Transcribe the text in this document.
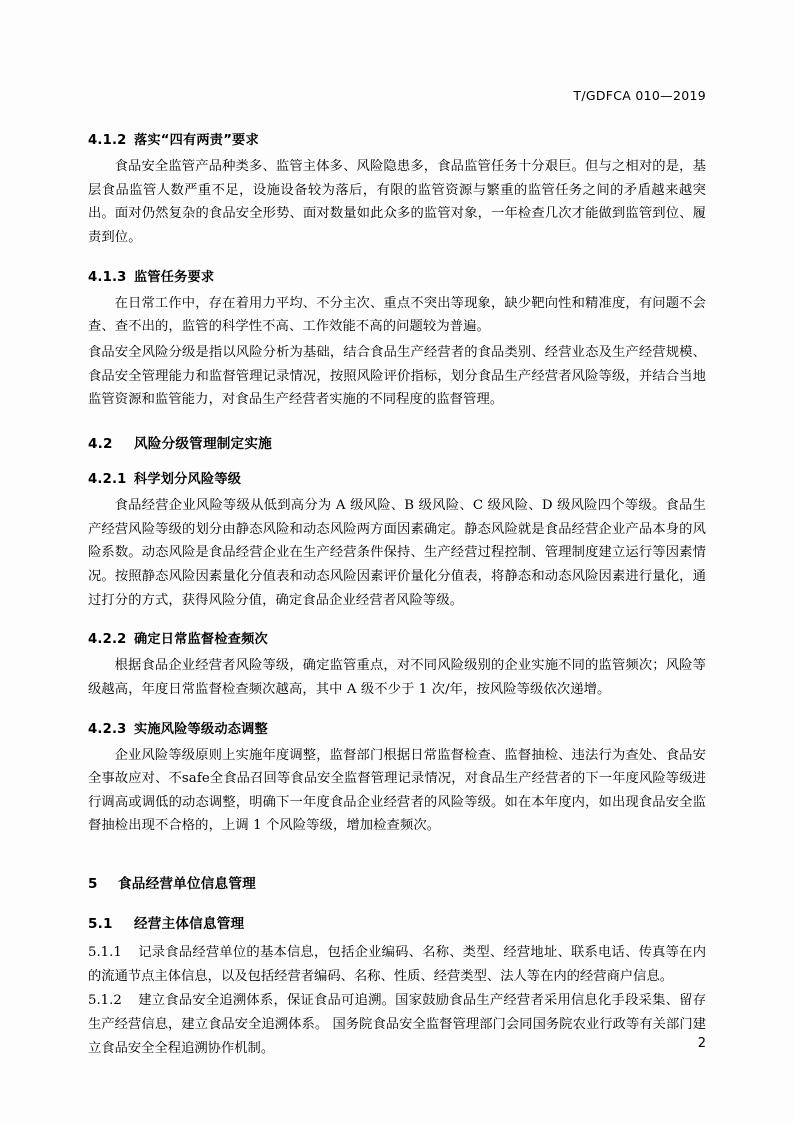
T/GDFCA 010—2019
4.1.2 落实“四有两责”要求

食品安全监管产品种类多、监管主体多、风险隐患多，食品监管任务十分艰巨。但与之相对的是，基层食品监管人数严重不足，设施设备较为落后，有限的监管资源与繁重的监管任务之间的矛盾越来越突出。面对仍然复杂的食品安全形势、面对数量如此众多的监管对象，一年检查几次才能做到监管到位、履责到位。

4.1.3 监管任务要求

在日常工作中，存在着用力平均、不分主次、重点不突出等现象，缺少靶向性和精准度，有问题不会查、查不出的，监管的科学性不高、工作效能不高的问题较为普遍。

食品安全风险分级是指以风险分析为基础，结合食品生产经营者的食品类别、经营业态及生产经营规模、食品安全管理能力和监督管理记录情况，按照风险评价指标，划分食品生产经营者风险等级，并结合当地监管资源和监管能力，对食品生产经营者实施的不同程度的监督管理。

4.2 风险分级管理制定实施
4.2.1 科学划分风险等级

食品经营企业风险等级从低到高分为 A 级风险、B 级风险、C 级风险、D 级风险四个等级。食品生产经营风险等级的划分由静态风险和动态风险两方面因素确定。静态风险就是食品经营企业产品本身的风险系数。动态风险是食品经营企业在生产经营条件保持、生产经营过程控制、管理制度建立运行等因素情况。按照静态风险因素量化分值表和动态风险因素评价量化分值表，将静态和动态风险因素进行量化，通过打分的方式，获得风险分值，确定食品企业经营者风险等级。

4.2.2 确定日常监督检查频次

根据食品企业经营者风险等级，确定监管重点，对不同风险级别的企业实施不同的监管频次；风险等级越高，年度日常监督检查频次越高，其中 A 级不少于 1 次/年，按风险等级依次递增。

4.2.3 实施风险等级动态调整

企业风险等级原则上实施年度调整，监督部门根据日常监督检查、监督抽检、违法行为查处、食品安全事故应对、不safe全食品召回等食品安全监督管理记录情况，对食品生产经营者的下一年度风险等级进行调高或调低的动态调整，明确下一年度食品企业经营者的风险等级。如在本年度内，如出现食品安全监督抽检出现不合格的，上调 1 个风险等级，增加检查频次。

5 食品经营单位信息管理
5.1 经营主体信息管理
5.1.1 记录食品经营单位的基本信息，包括企业编码、名称、类型、经营地址、联系电话、传真等在内的流通节点主体信息，以及包括经营者编码、名称、性质、经营类型、法人等在内的经营商户信息。
5.1.2 建立食品安全追溯体系，保证食品可追溯。国家鼓励食品生产经营者采用信息化手段采集、留存生产经营信息，建立食品安全追溯体系。 国务院食品安全监督管理部门会同国务院农业行政等有关部门建立食品安全全程追溯协作机制。	2
